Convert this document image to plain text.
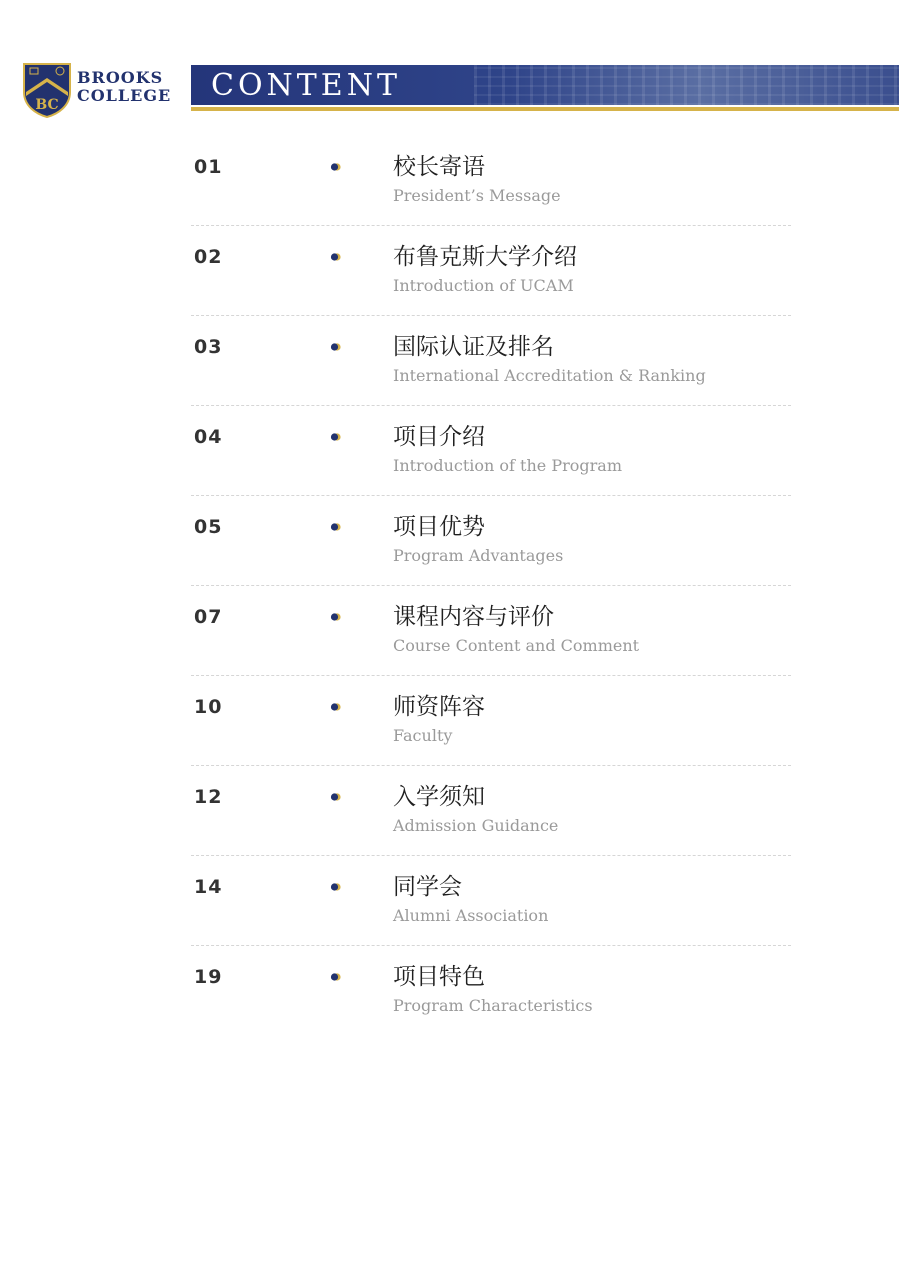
BC
BROOKS
COLLEGE CONTENT
01	校长寄语
President’s Message
02	布鲁克斯大学介绍
Introduction of UCAM
03	国际认证及排名
International Accreditation & Ranking
04	项目介绍
Introduction of the Program
05	项目优势
Program Advantages
07	课程内容与评价
Course Content and Comment
10	师资阵容
Faculty
12	入学须知
Admission Guidance
14	同学会
Alumni Association
19	项目特色
Program Characteristics
